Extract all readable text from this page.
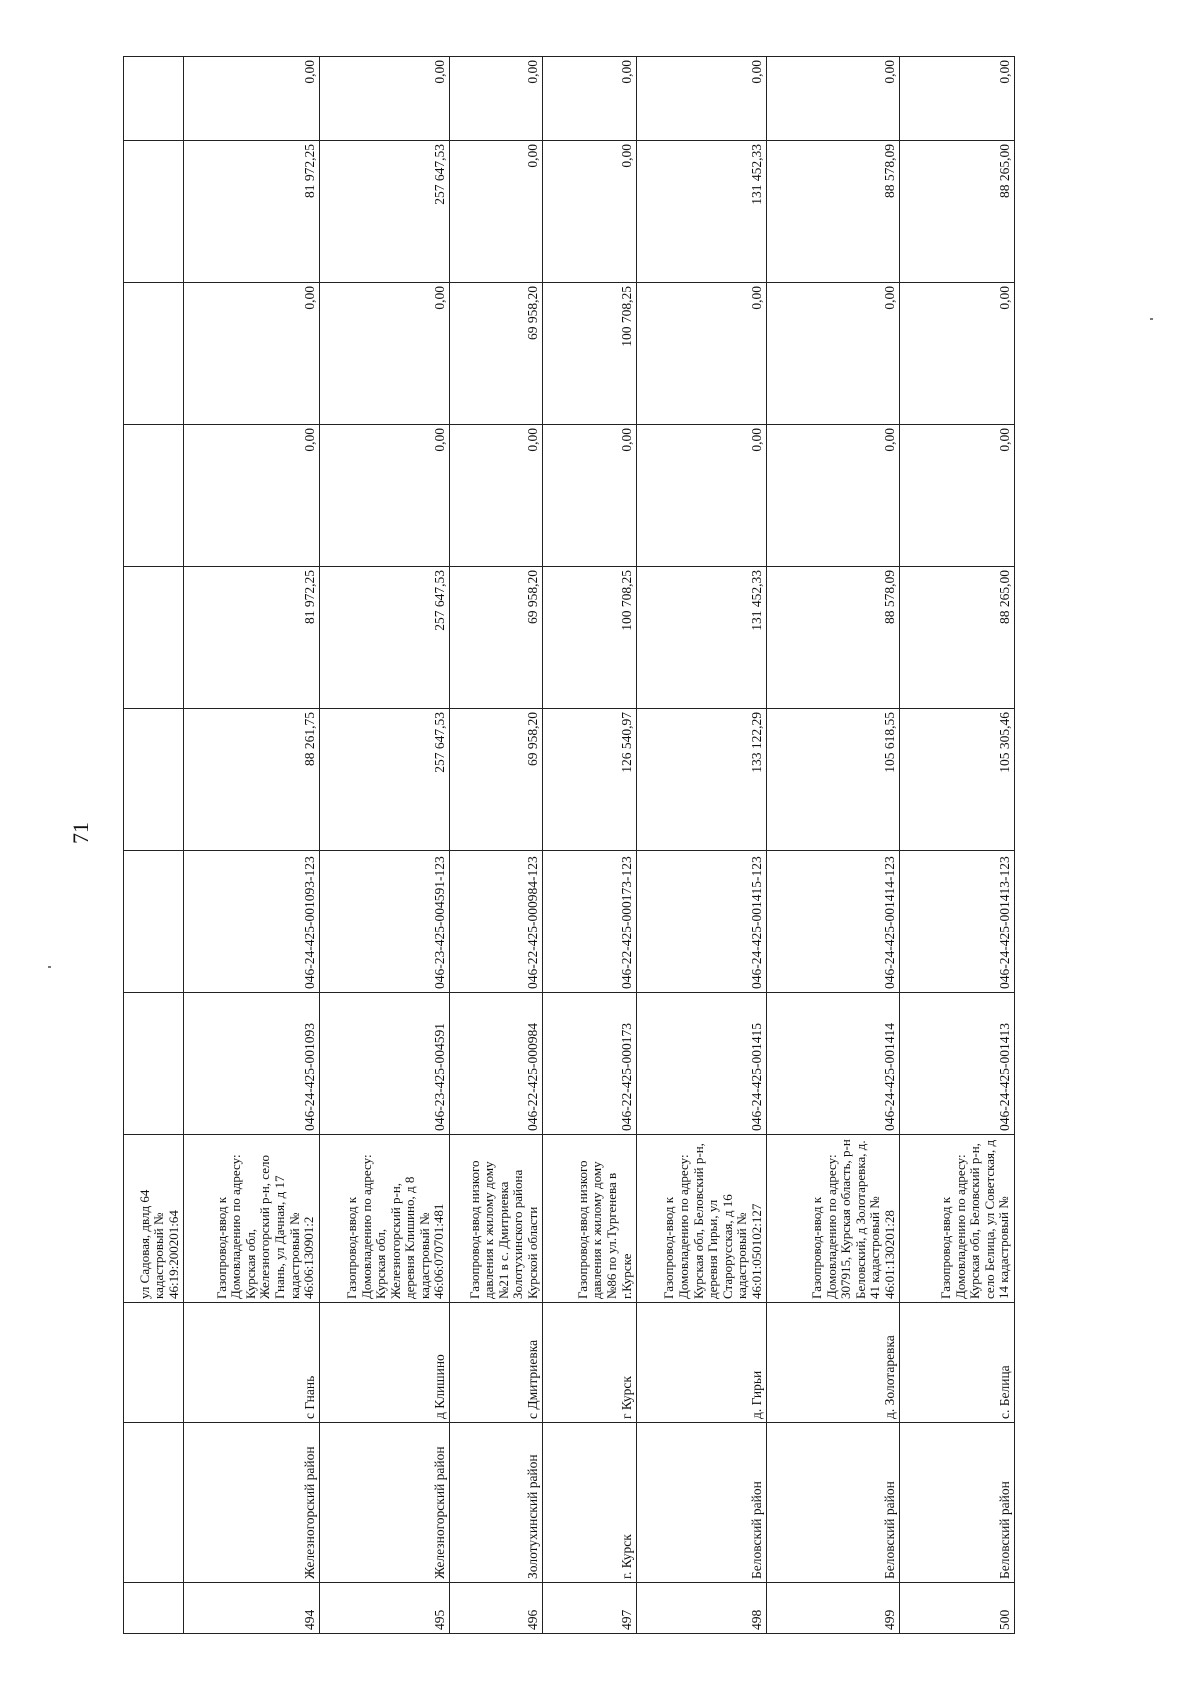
71
			ул Садовая, двлд 64 кадастровый № 46:19:200201:64								
494	Железногорский район	с Гнань	Газопровод-ввод к Домовладению по адресу: Курская обл, Железногорский р-н, село Гнань, ул Дачная, д 17 кадастровый № 46:06:130901:2	046-24-425-001093	046-24-425-001093-123	88 261,75	81 972,25	0,00	0,00	81 972,25	0,00
495	Железногорский район	д Клишино	Газопровод-ввод к Домовладению по адресу: Курская обл, Железногорский р-н, деревня Клишино, д 8 кадастровый № 46:06:070701:481	046-23-425-004591	046-23-425-004591-123	257 647,53	257 647,53	0,00	0,00	257 647,53	0,00
496	Золотухинский район	с Дмитриевка	Газопровод-ввод низкого давления к жилому дому №21 в с. Дмитриевка Золотухинского района Курской области	046-22-425-000984	046-22-425-000984-123	69 958,20	69 958,20	0,00	69 958,20	0,00	0,00
497	г. Курск	г Курск	Газопровод-ввод низкого давления к жилому дому №86 по ул.Тургенева в г.Курске	046-22-425-000173	046-22-425-000173-123	126 540,97	100 708,25	0,00	100 708,25	0,00	0,00
498	Беловский район	д. Гирьи	Газопровод-ввод к Домовладению по адресу: Курская обл, Беловский р-н, деревня Гирьи, ул Старорусская, д 16 кадастровый № 46:01:050102:127	046-24-425-001415	046-24-425-001415-123	133 122,29	131 452,33	0,00	0,00	131 452,33	0,00
499	Беловский район	д. Золотаревка	Газопровод-ввод к Домовладению по адресу: 307915, Курская область, р-н Беловский, д Золотаревка, д. 41 кадастровый № 46:01:130201:28	046-24-425-001414	046-24-425-001414-123	105 618,55	88 578,09	0,00	0,00	88 578,09	0,00
500	Беловский район	с. Белица	Газопровод-ввод к Домовладению по адресу: Курская обл, Беловский р-н, село Белица, ул Советская, д 14 кадастровый №	046-24-425-001413	046-24-425-001413-123	105 305,46	88 265,00	0,00	0,00	88 265,00	0,00
